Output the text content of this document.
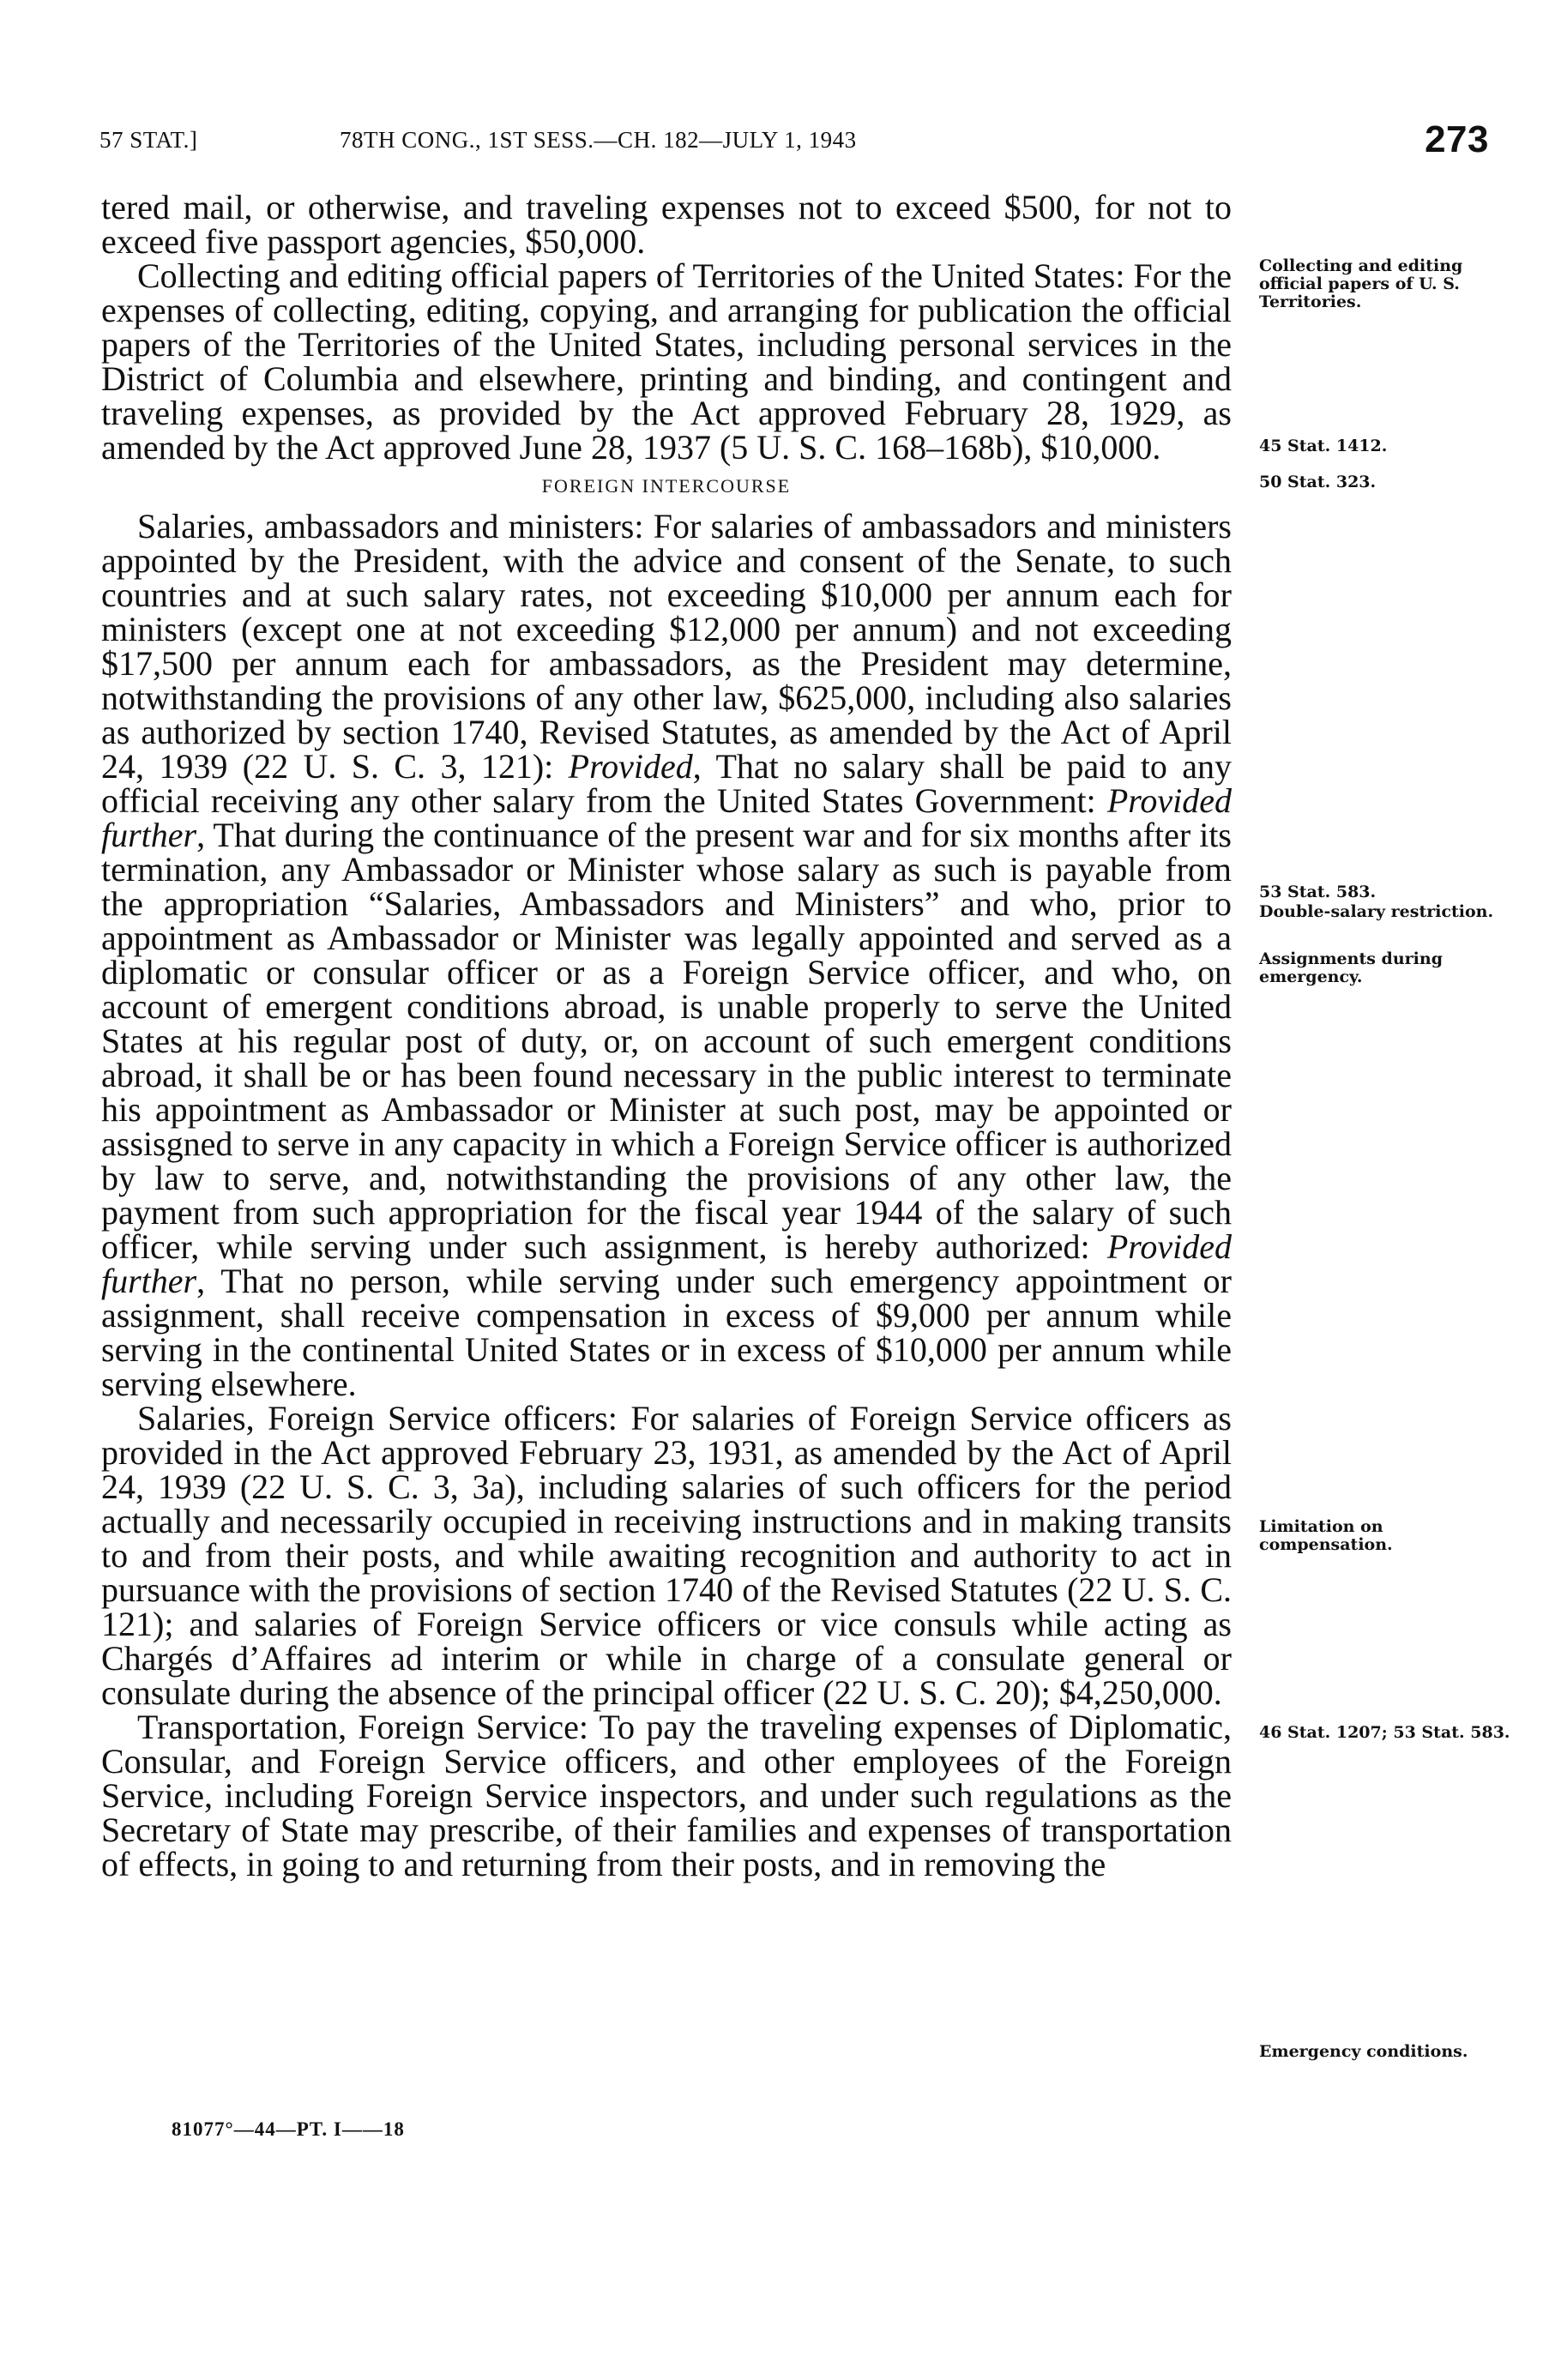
57 STAT.]	78TH CONG., 1ST SESS.—CH. 182—JULY 1, 1943	273

tered mail, or otherwise, and traveling expenses not to exceed $500, for not to exceed five passport agencies, $50,000.

Collecting and editing official papers of Territories of the United States: For the expenses of collecting, editing, copying, and arranging for publication the official papers of the Territories of the United States, including personal services in the District of Columbia and elsewhere, printing and binding, and contingent and traveling expenses, as provided by the Act approved February 28, 1929, as amended by the Act approved June 28, 1937 (5 U. S. C. 168–168b), $10,000.

FOREIGN INTERCOURSE

Salaries, ambassadors and ministers: For salaries of ambassadors and ministers appointed by the President, with the advice and consent of the Senate, to such countries and at such salary rates, not exceeding $10,000 per annum each for ministers (except one at not exceeding $12,000 per annum) and not exceeding $17,500 per annum each for ambassadors, as the President may determine, notwithstanding the provisions of any other law, $625,000, including also salaries as authorized by section 1740, Revised Statutes, as amended by the Act of April 24, 1939 (22 U. S. C. 3, 121): Provided, That no salary shall be paid to any official receiving any other salary from the United States Government: Provided further, That during the continuance of the present war and for six months after its termination, any Ambassador or Minister whose salary as such is payable from the appropriation “Salaries, Ambassadors and Ministers” and who, prior to appointment as Ambassador or Minister was legally appointed and served as a diplomatic or consular officer or as a Foreign Service officer, and who, on account of emergent conditions abroad, is unable properly to serve the United States at his regular post of duty, or, on account of such emergent conditions abroad, it shall be or has been found necessary in the public interest to terminate his appointment as Ambassador or Minister at such post, may be appointed or assisgned to serve in any capacity in which a Foreign Service officer is authorized by law to serve, and, notwithstanding the provisions of any other law, the payment from such appropriation for the fiscal year 1944 of the salary of such officer, while serving under such assignment, is hereby authorized: Provided further, That no person, while serving under such emergency appointment or assignment, shall receive compensation in excess of $9,000 per annum while serving in the continental United States or in excess of $10,000 per annum while serving elsewhere.

Salaries, Foreign Service officers: For salaries of Foreign Service officers as provided in the Act approved February 23, 1931, as amended by the Act of April 24, 1939 (22 U. S. C. 3, 3a), including salaries of such officers for the period actually and necessarily occupied in receiving instructions and in making transits to and from their posts, and while awaiting recognition and authority to act in pursuance with the provisions of section 1740 of the Revised Statutes (22 U. S. C. 121); and salaries of Foreign Service officers or vice consuls while acting as Chargés d’Affaires ad interim or while in charge of a consulate general or consulate during the absence of the principal officer (22 U. S. C. 20); $4,250,000.

Transportation, Foreign Service: To pay the traveling expenses of Diplomatic, Consular, and Foreign Service officers, and other employees of the Foreign Service, including Foreign Service inspectors, and under such regulations as the Secretary of State may prescribe, of their families and expenses of transportation of effects, in going to and returning from their posts, and in removing the

81077°—44—PT. I——18
Collecting and editing official papers of U. S. Territories.
45 Stat. 1412.
50 Stat. 323.
53 Stat. 583.
Double-salary restriction.
Assignments during emergency.
Limitation on compensation.
46 Stat. 1207; 53 Stat. 583.
Emergency conditions.
